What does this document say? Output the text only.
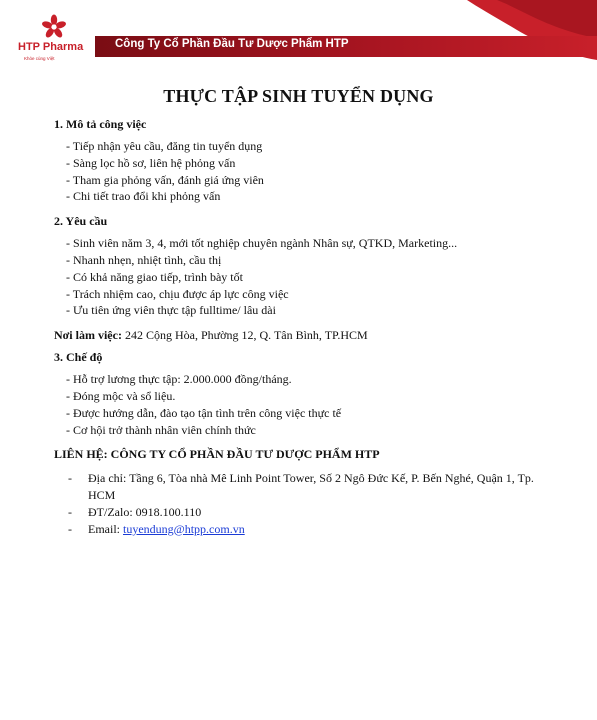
HTP Pharma
Khỏe cùng Việt
Công Ty Cổ Phần Đầu Tư Dược Phẩm HTP
THỰC TẬP SINH TUYỂN DỤNG

1. Mô tả công việc

- Tiếp nhận yêu cầu, đăng tin tuyển dụng
- Sàng lọc hồ sơ, liên hệ phỏng vấn
- Tham gia phỏng vấn, đánh giá ứng viên
- Chi tiết trao đổi khi phỏng vấn

2. Yêu cầu

- Sinh viên năm 3, 4, mới tốt nghiệp chuyên ngành Nhân sự, QTKD, Marketing...
- Nhanh nhẹn, nhiệt tình, cầu thị
- Có khả năng giao tiếp, trình bày tốt
- Trách nhiệm cao, chịu được áp lực công việc
- Ưu tiên ứng viên thực tập fulltime/ lâu dài

Nơi làm việc: 242 Cộng Hòa, Phường 12, Q. Tân Bình, TP.HCM

3. Chế độ

- Hỗ trợ lương thực tập: 2.000.000 đồng/tháng.
- Đóng mộc và sổ liệu.
- Được hướng dẫn, đào tạo tận tình trên công việc thực tế
- Cơ hội trở thành nhân viên chính thức

LIÊN HỆ: CÔNG TY CỔ PHẦN ĐẦU TƯ DƯỢC PHẨM HTP

- Địa chỉ: Tầng 6, Tòa nhà Mê Linh Point Tower, Số 2 Ngô Đức Kế, P. Bến Nghé, Quận 1, Tp. HCM
- ĐT/Zalo: 0918.100.110
- Email: tuyendung@htpp.com.vn
